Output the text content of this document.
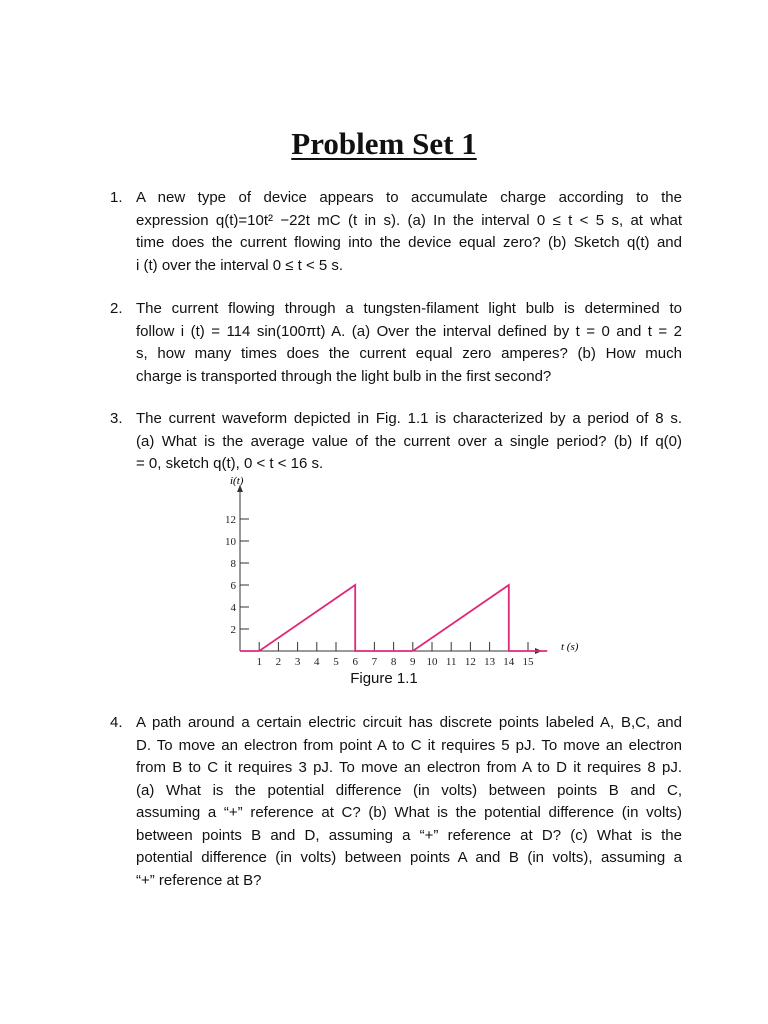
Problem Set 1
1. A new type of device appears to accumulate charge according to the
expression q(t)=10t² −22t mC (t in s). (a) In the interval 0 ≤ t < 5 s, at what
time does the current flowing into the device equal zero? (b) Sketch q(t) and
i (t) over the interval 0 ≤ t < 5 s.
2. The current flowing through a tungsten-filament light bulb is determined to
follow i (t) = 114 sin(100πt) A. (a) Over the interval defined by t = 0 and t = 2
s, how many times does the current equal zero amperes? (b) How much
charge is transported through the light bulb in the first second?
3. The current waveform depicted in Fig. 1.1 is characterized by a period of 8 s.
(a) What is the average value of the current over a single period? (b) If q(0)
= 0, sketch q(t), 0 < t < 16 s.
1 2 3 4 5 6 7 8 9 10 11 12 13 14 15
2
4
6
8
10
12
i(t)
t (s)
Figure 1.1
4. A path around a certain electric circuit has discrete points labeled A, B,C, and
D. To move an electron from point A to C it requires 5 pJ. To move an electron
from B to C it requires 3 pJ. To move an electron from A to D it requires 8 pJ.
(a) What is the potential difference (in volts) between points B and C,
assuming a “+” reference at C? (b) What is the potential difference (in volts)
between points B and D, assuming a “+” reference at D? (c) What is the
potential difference (in volts) between points A and B (in volts), assuming a
“+” reference at B?
